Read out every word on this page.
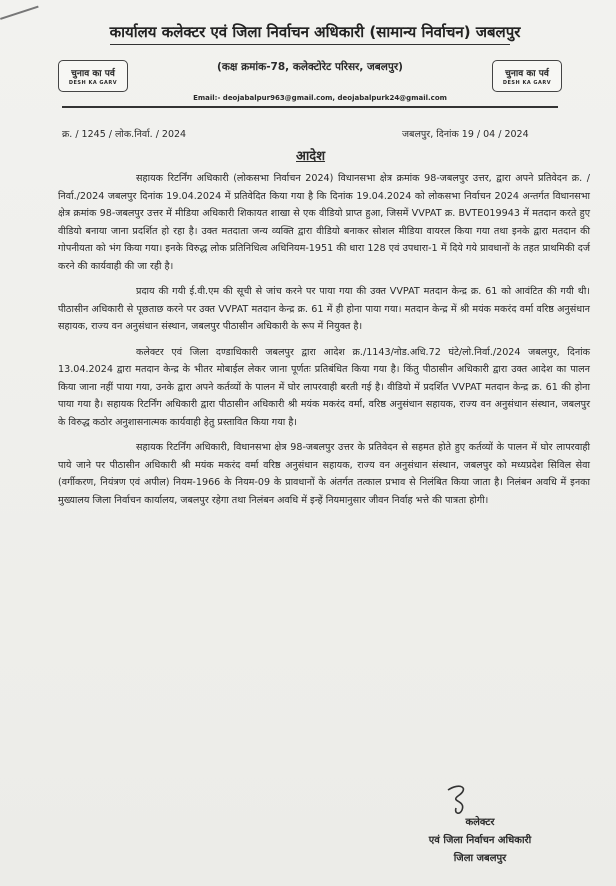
कार्यालय कलेक्टर एवं जिला निर्वाचन अधिकारी (सामान्य निर्वाचन) जबलपुर
चुनाव का पर्व
DESH KA GARV
चुनाव का पर्व
DESH KA GARV
(कक्ष क्रमांक-78, कलेक्टोरेट परिसर, जबलपुर)
Email:- deojabalpur963@gmail.com, deojabalpurk24@gmail.com
क्र. / 1245 / लोक.निर्वा. / 2024	जबलपुर, दिनांक 19 / 04 / 2024
आदेश

सहायक रिटर्निंग अधिकारी (लोकसभा निर्वाचन 2024) विधानसभा क्षेत्र क्रमांक 98-जबलपुर उत्तर, द्वारा अपने प्रतिवेदन क्र. /निर्वा./2024 जबलपुर दिनांक 19.04.2024 में प्रतिवेदित किया गया है कि दिनांक 19.04.2024 को लोकसभा निर्वाचन 2024 अन्तर्गत विधानसभा क्षेत्र क्रमांक 98-जबलपुर उत्तर में मीडिया अधिकारी शिकायत शाखा से एक वीडियो प्राप्त हुआ, जिसमें VVPAT क्र. BVTE019943 में मतदान करते हुए वीडियो बनाया जाना प्रदर्शित हो रहा है। उक्त मतदाता जन्य व्यक्ति द्वारा वीडियो बनाकर सोशल मीडिया वायरल किया गया तथा इनके द्वारा मतदान की गोपनीयता को भंग किया गया। इनके विरुद्ध लोक प्रतिनिधित्व अधिनियम-1951 की धारा 128 एवं उपधारा-1 में दिये गये प्रावधानों के तहत प्राथमिकी दर्ज करने की कार्यवाही की जा रही है।

प्रदाय की गयी ई.वी.एम की सूची से जांच करने पर पाया गया की उक्त VVPAT मतदान केन्द्र क्र. 61 को आवंटित की गयी थी। पीठासीन अधिकारी से पूछताछ करने पर उक्त VVPAT मतदान केन्द्र क्र. 61 में ही होना पाया गया। मतदान केन्द्र में श्री मयंक मकरंद वर्मा वरिष्ठ अनुसंधान सहायक, राज्य वन अनुसंधान संस्थान, जबलपुर पीठासीन अधिकारी के रूप में नियुक्त है।

कलेक्टर एवं जिला दण्डाधिकारी जबलपुर द्वारा आदेश क्र./1143/नोड.अधि.72 घंटे/लो.निर्वा./2024 जबलपुर, दिनांक 13.04.2024 द्वारा मतदान केन्द्र के भीतर मोबाईल लेकर जाना पूर्णतः प्रतिबंधित किया गया है। किंतु पीठासीन अधिकारी द्वारा उक्त आदेश का पालन किया जाना नहीं पाया गया, उनके द्वारा अपने कर्तव्यों के पालन में घोर लापरवाही बरती गई है। वीडियो में प्रदर्शित VVPAT मतदान केन्द्र क्र. 61 की होना पाया गया है। सहायक रिटर्निंग अधिकारी द्वारा पीठासीन अधिकारी श्री मयंक मकरंद वर्मा, वरिष्ठ अनुसंधान सहायक, राज्य वन अनुसंधान संस्थान, जबलपुर के विरुद्ध कठोर अनुशासनात्मक कार्यवाही हेतु प्रस्तावित किया गया है।

सहायक रिटर्निंग अधिकारी, विधानसभा क्षेत्र 98-जबलपुर उत्तर के प्रतिवेदन से सहमत होते हुए कर्तव्यों के पालन में घोर लापरवाही पाये जाने पर पीठासीन अधिकारी श्री मयंक मकरंद वर्मा वरिष्ठ अनुसंधान सहायक, राज्य वन अनुसंधान संस्थान, जबलपुर को मध्यप्रदेश सिविल सेवा (वर्गीकरण, नियंत्रण एवं अपील) नियम-1966 के नियम-09 के प्रावधानों के अंतर्गत तत्काल प्रभाव से निलंबित किया जाता है। निलंबन अवधि में इनका मुख्यालय जिला निर्वाचन कार्यालय, जबलपुर रहेगा तथा निलंबन अवधि में इन्हें नियमानुसार जीवन निर्वाह भत्ते की पात्रता होगी।

कलेक्टर
एवं जिला निर्वाचन अधिकारी
जिला जबलपुर
